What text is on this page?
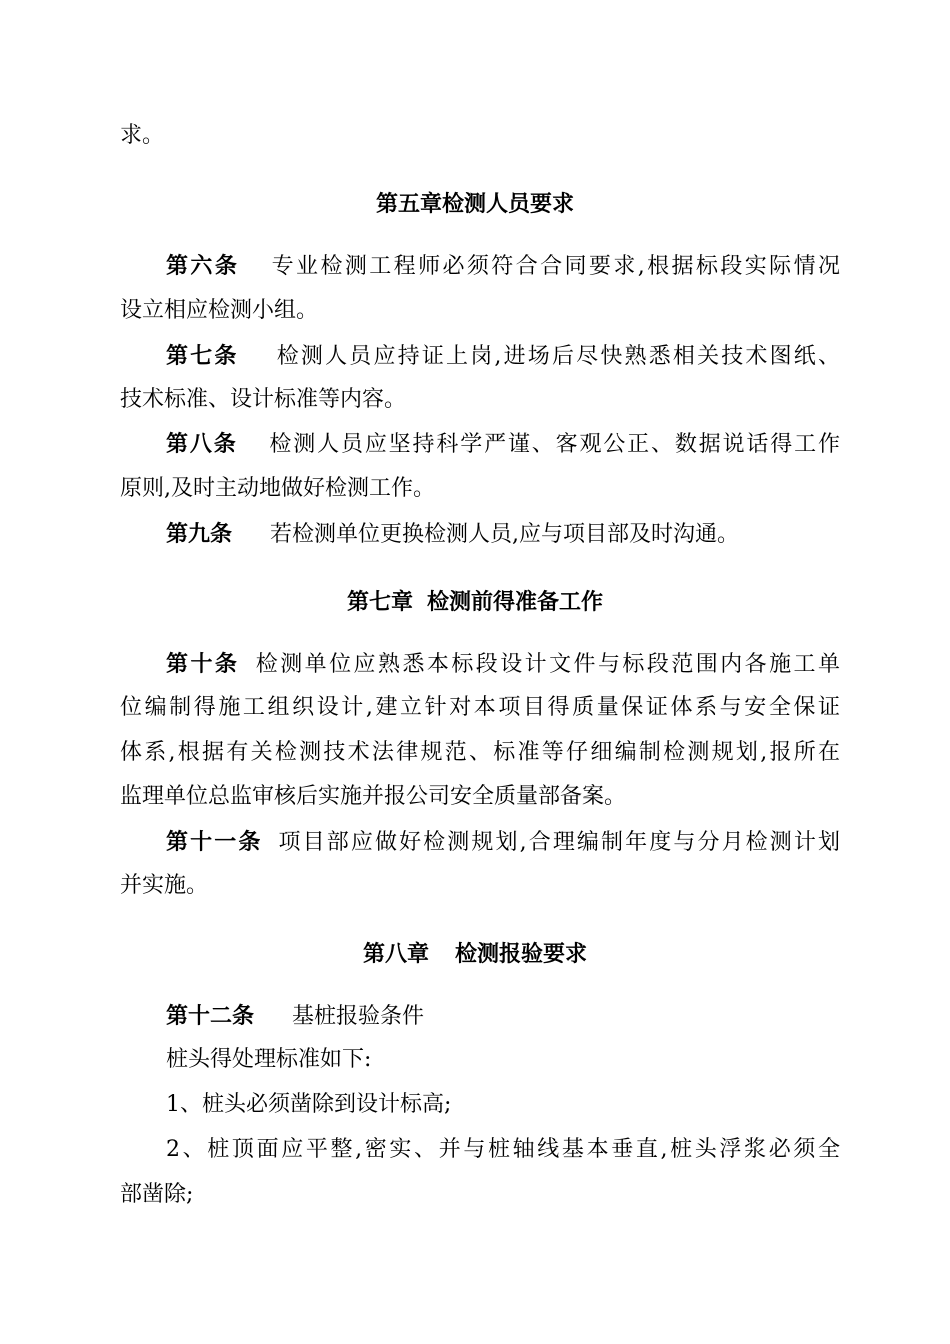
求。
第五章检测人员要求
第六条 专业检测工程师必须符合合同要求,根据标段实际情况
设立相应检测小组。
第七条 检测人员应持证上岗,进场后尽快熟悉相关技术图纸、
技术标准、设计标准等内容。
第八条 检测人员应坚持科学严谨、客观公正、数据说话得工作
原则,及时主动地做好检测工作。
第九条 若检测单位更换检测人员,应与项目部及时沟通。
第七章 检测前得准备工作
第十条 检测单位应熟悉本标段设计文件与标段范围内各施工单
位编制得施工组织设计,建立针对本项目得质量保证体系与安全保证
体系,根据有关检测技术法律规范、标准等仔细编制检测规划,报所在
监理单位总监审核后实施并报公司安全质量部备案。
第十一条 项目部应做好检测规划,合理编制年度与分月检测计划
并实施。
第八章 检测报验要求
第十二条 基桩报验条件
桩头得处理标准如下:
1、桩头必须凿除到设计标高;
2、桩顶面应平整,密实、并与桩轴线基本垂直,桩头浮浆必须全
部凿除;
